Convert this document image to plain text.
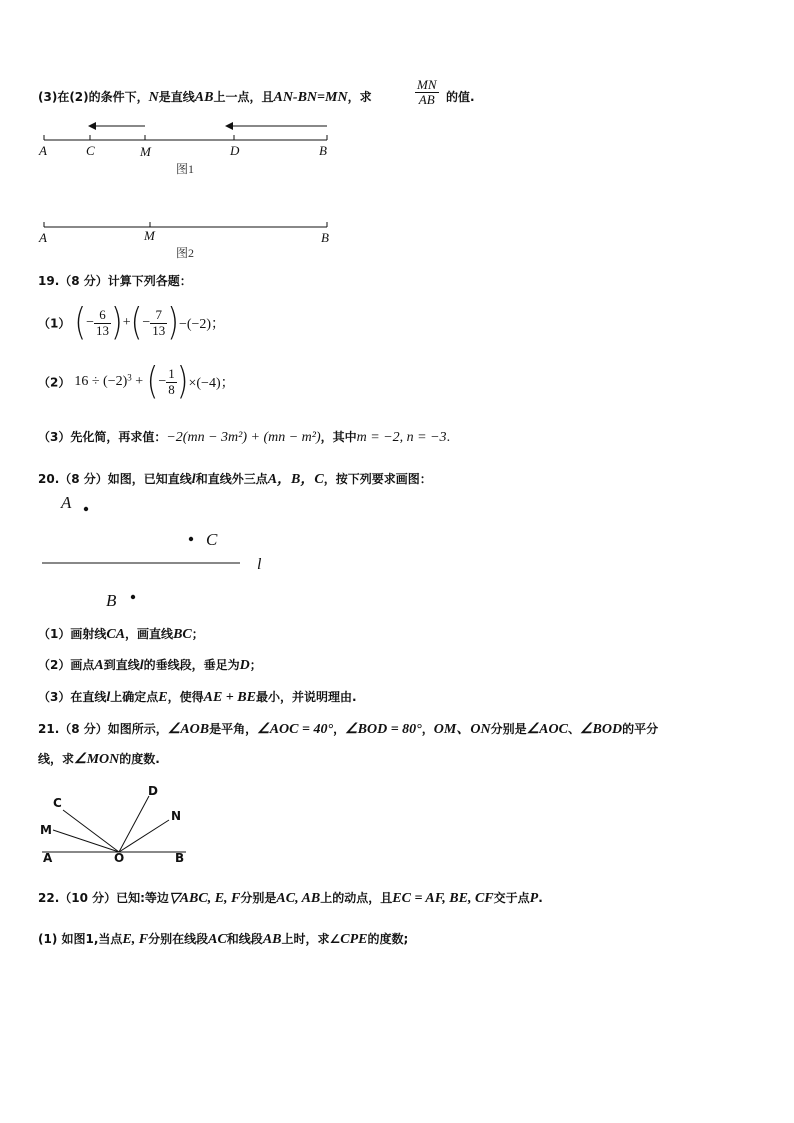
(3)在(2)的条件下，N是直线AB上一点，且AN-BN=MN，求	$\frac{MN}{AB}$ 的值.
A	C	M	D	B
图1
A	M	B
图2
19.（8 分）计算下列各题：
（1） (− $\frac{6}{13}$ )+(− $\frac{7}{13} )-(-2)$；
（2） $16 \div (-2)^3$ + (− $\frac{1}{8} )\times(-4)$；
（3）先化简，再求值：−2(mn − 3m²) + (mn − m²)，其中m = −2, n = −3.
20.（8 分）如图，已知直线l和直线外三点A，B，C，按下列要求画图：
A
C
l
B
（1）画射线CA，画直线BC；
（2）画点A到直线l的垂线段，垂足为D；
（3）在直线l上确定点E，使得AE + BE最小，并说明理由.
21.（8 分）如图所示，∠AOB是平角，∠AOC = 40°，∠BOD = 80°，OM、ON分别是∠AOC、∠BOD的平分
线，求∠MON的度数.
C
D
M
N
A	O	B
22.（10 分）已知:等边▽ABC, E, F分别是AC, AB上的动点，且EC = AF, BE, CF交于点P.
(1) 如图1,当点E, F分别在线段AC和线段AB上时，求∠CPE的度数;
